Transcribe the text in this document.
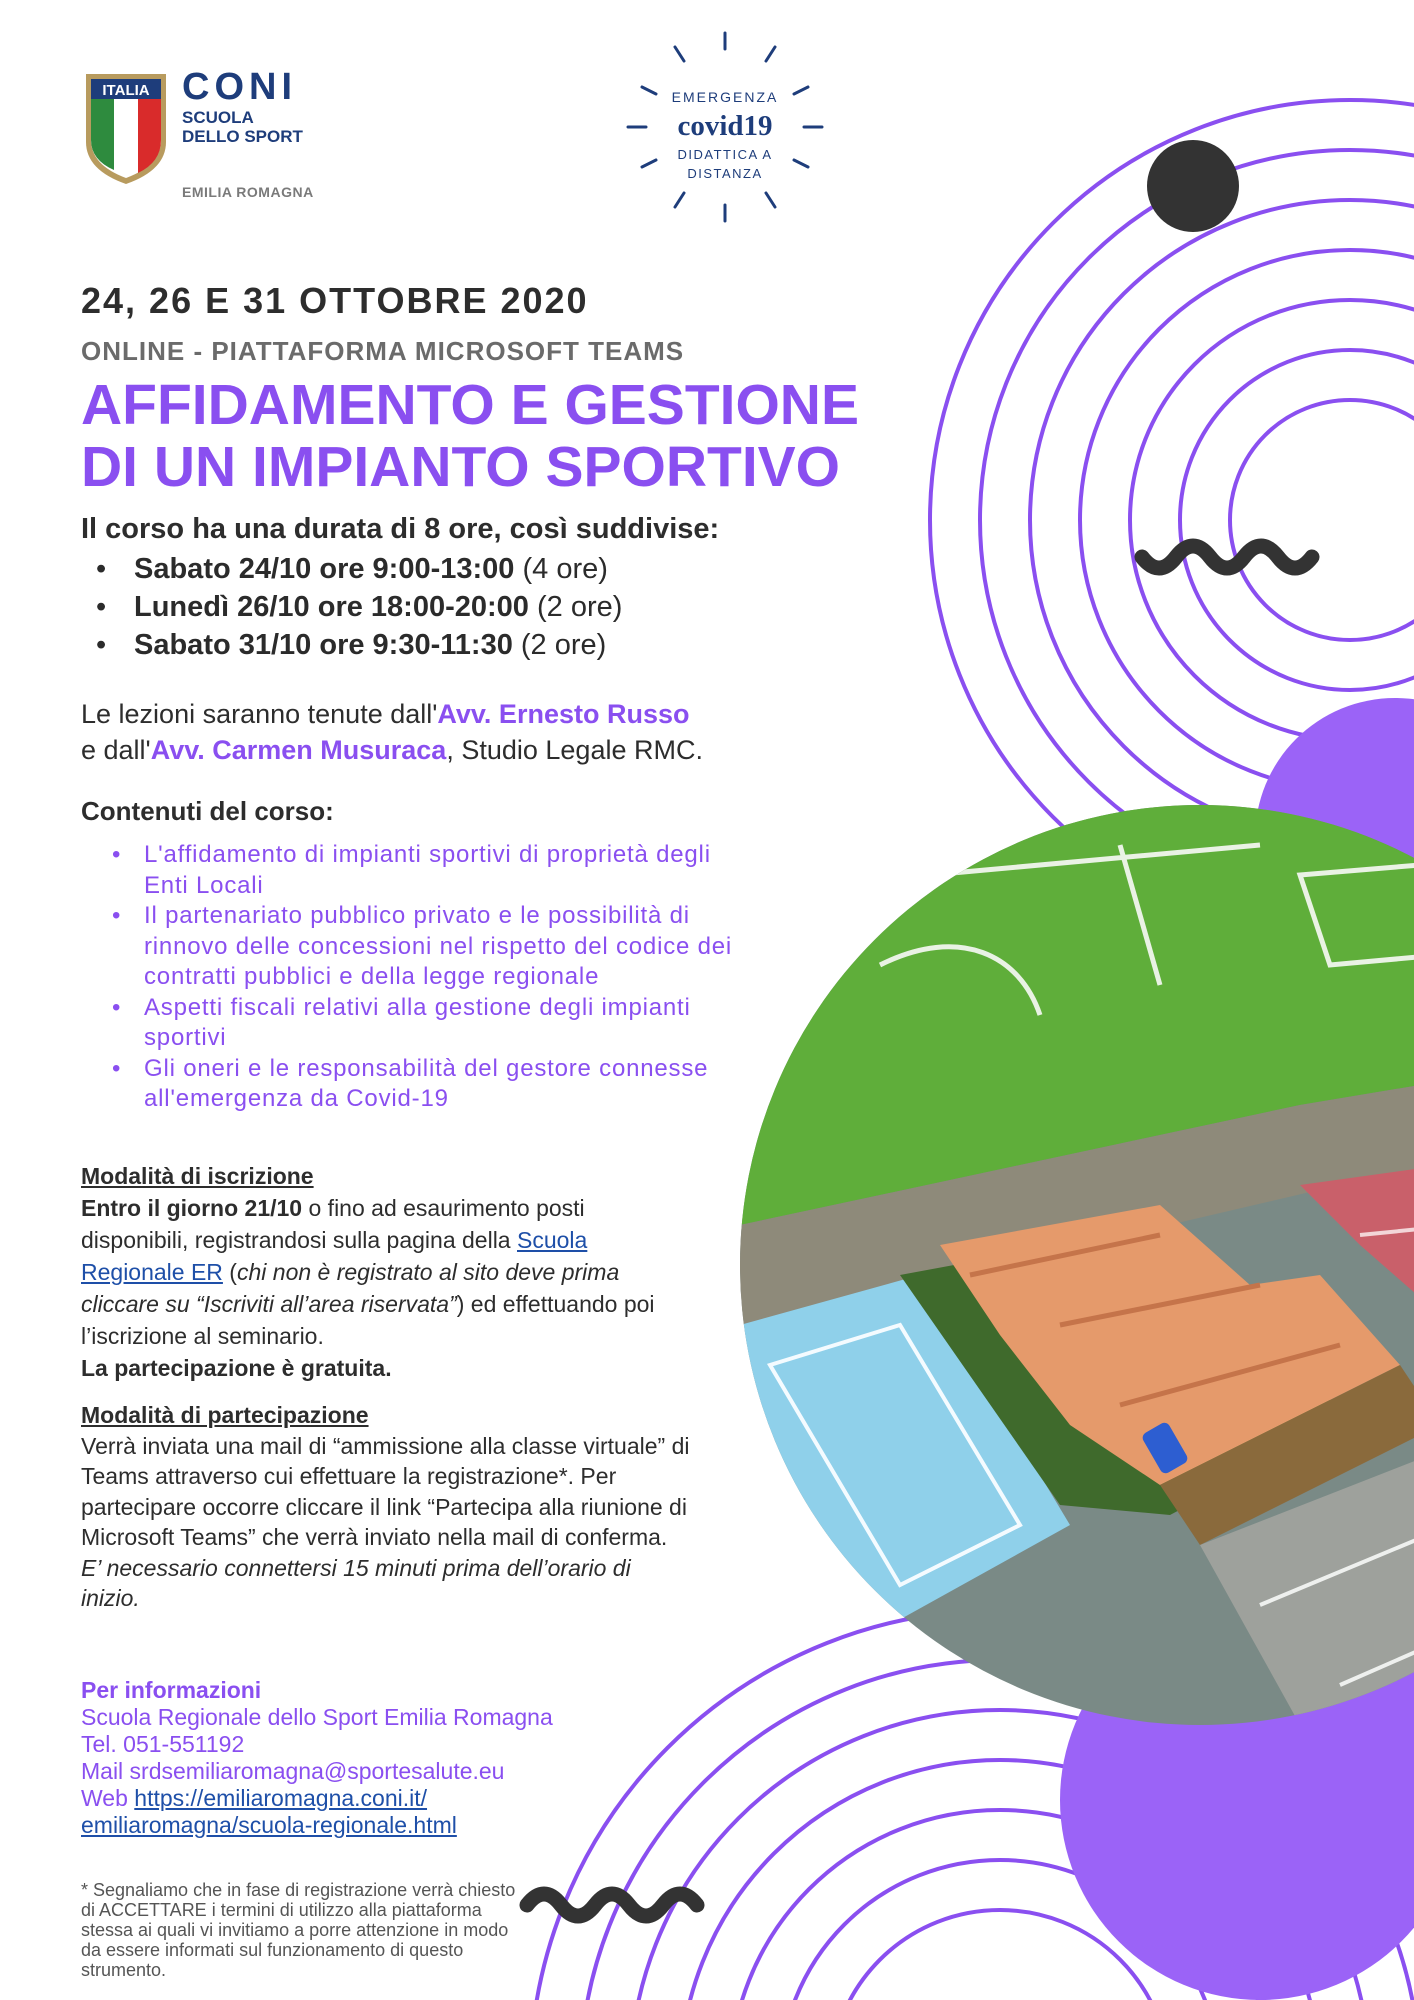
ITALIA CONI
SCUOLA
DELLO SPORT
EMILIA ROMAGNA
EMERGENZA
covid19
DIDATTICA A
DISTANZA
24, 26 E 31 OTTOBRE 2020
ONLINE - PIATTAFORMA MICROSOFT TEAMS
AFFIDAMENTO E GESTIONE
DI UN IMPIANTO SPORTIVO
Il corso ha una durata di 8 ore, così suddivise:
• Sabato 24/10 ore 9:00-13:00 (4 ore)
• Lunedì 26/10 ore 18:00-20:00 (2 ore)
• Sabato 31/10 ore 9:30-11:30 (2 ore)
Le lezioni saranno tenute dall'Avv. Ernesto Russo
e dall'Avv. Carmen Musuraca, Studio Legale RMC.
Contenuti del corso:
• L'affidamento di impianti sportivi di proprietà degli Enti Locali
• Il partenariato pubblico privato e le possibilità di rinnovo delle concessioni nel rispetto del codice dei contratti pubblici e della legge regionale
• Aspetti fiscali relativi alla gestione degli impianti sportivi
• Gli oneri e le responsabilità del gestore connesse all'emergenza da Covid-19
Modalità di iscrizione
Entro il giorno 21/10 o fino ad esaurimento posti disponibili, registrandosi sulla pagina della Scuola Regionale ER (chi non è registrato al sito deve prima cliccare su “Iscriviti all’area riservata”) ed effettuando poi l’iscrizione al seminario.
La partecipazione è gratuita.
Modalità di partecipazione
Verrà inviata una mail di “ammissione alla classe virtuale” di Teams attraverso cui effettuare la registrazione*. Per partecipare occorre cliccare il link “Partecipa alla riunione di Microsoft Teams” che verrà inviato nella mail di conferma.
E’ necessario connettersi 15 minuti prima dell’orario di inizio.
Per informazioni
Scuola Regionale dello Sport Emilia Romagna
Tel. 051-551192
Mail srdsemiliaromagna@sportesalute.eu
Web https://emiliaromagna.coni.it/
emiliaromagna/scuola-regionale.html
* Segnaliamo che in fase di registrazione verrà chiesto di ACCETTARE i termini di utilizzo alla piattaforma stessa ai quali vi invitiamo a porre attenzione in modo da essere informati sul funzionamento di questo strumento.
